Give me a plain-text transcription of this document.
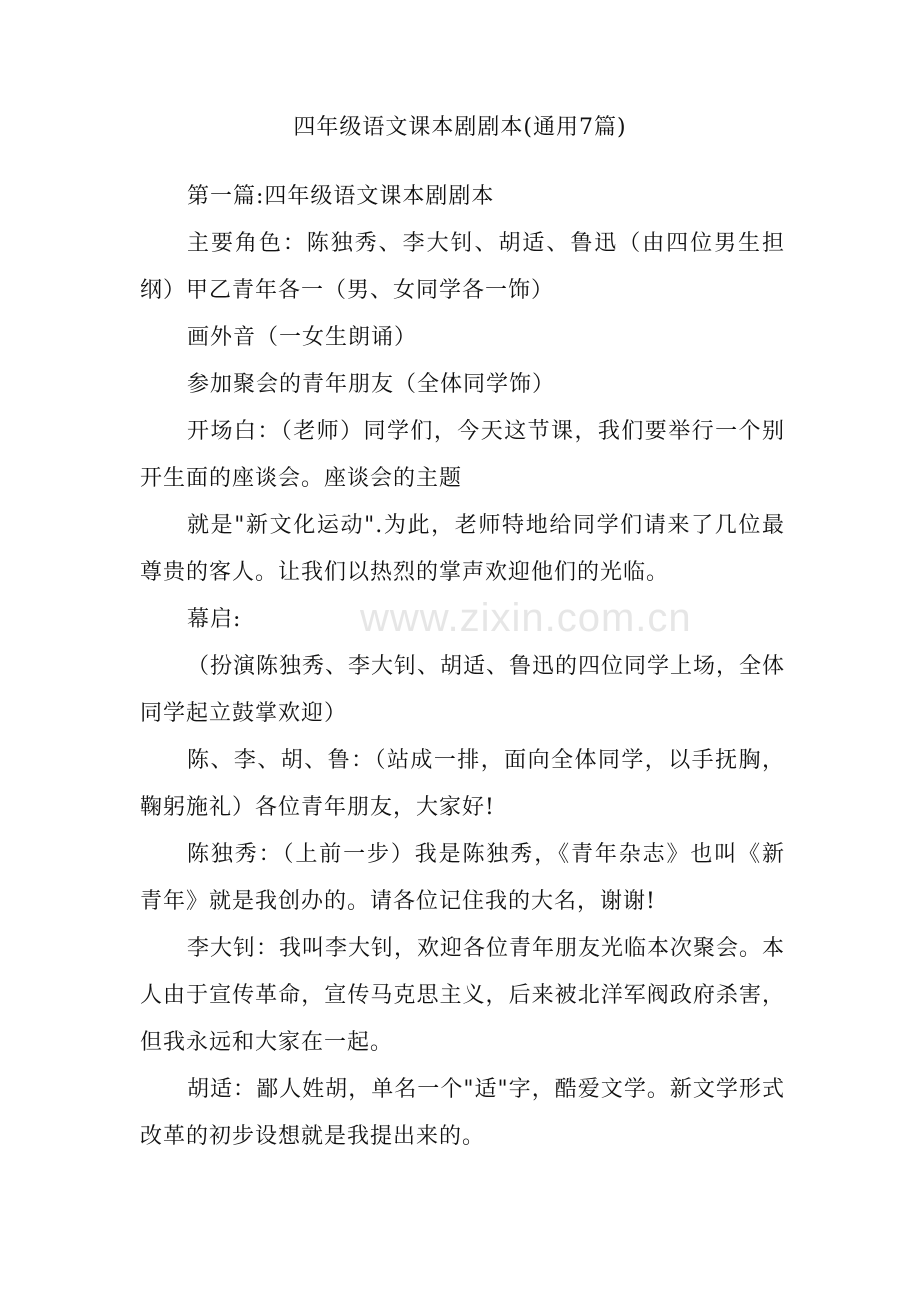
四年级语文课本剧剧本(通用7篇)

第一篇:四年级语文课本剧剧本

主要角色：陈独秀、李大钊、胡适、鲁迅（由四位男生担纲）甲乙青年各一（男、女同学各一饰）

画外音（一女生朗诵）

参加聚会的青年朋友（全体同学饰）

开场白：（老师）同学们，今天这节课，我们要举行一个别开生面的座谈会。座谈会的主题

就是"新文化运动".为此，老师特地给同学们请来了几位最尊贵的客人。让我们以热烈的掌声欢迎他们的光临。

幕启:

（扮演陈独秀、李大钊、胡适、鲁迅的四位同学上场，全体同学起立鼓掌欢迎）

陈、李、胡、鲁：（站成一排，面向全体同学，以手抚胸，鞠躬施礼）各位青年朋友，大家好!

陈独秀：（上前一步）我是陈独秀，《青年杂志》也叫《新青年》就是我创办的。请各位记住我的大名，谢谢!

李大钊：我叫李大钊，欢迎各位青年朋友光临本次聚会。本人由于宣传革命，宣传马克思主义，后来被北洋军阀政府杀害，但我永远和大家在一起。

胡适：鄙人姓胡，单名一个"适"字，酷爱文学。新文学形式改革的初步设想就是我提出来的。

www.zixin.com.cn
